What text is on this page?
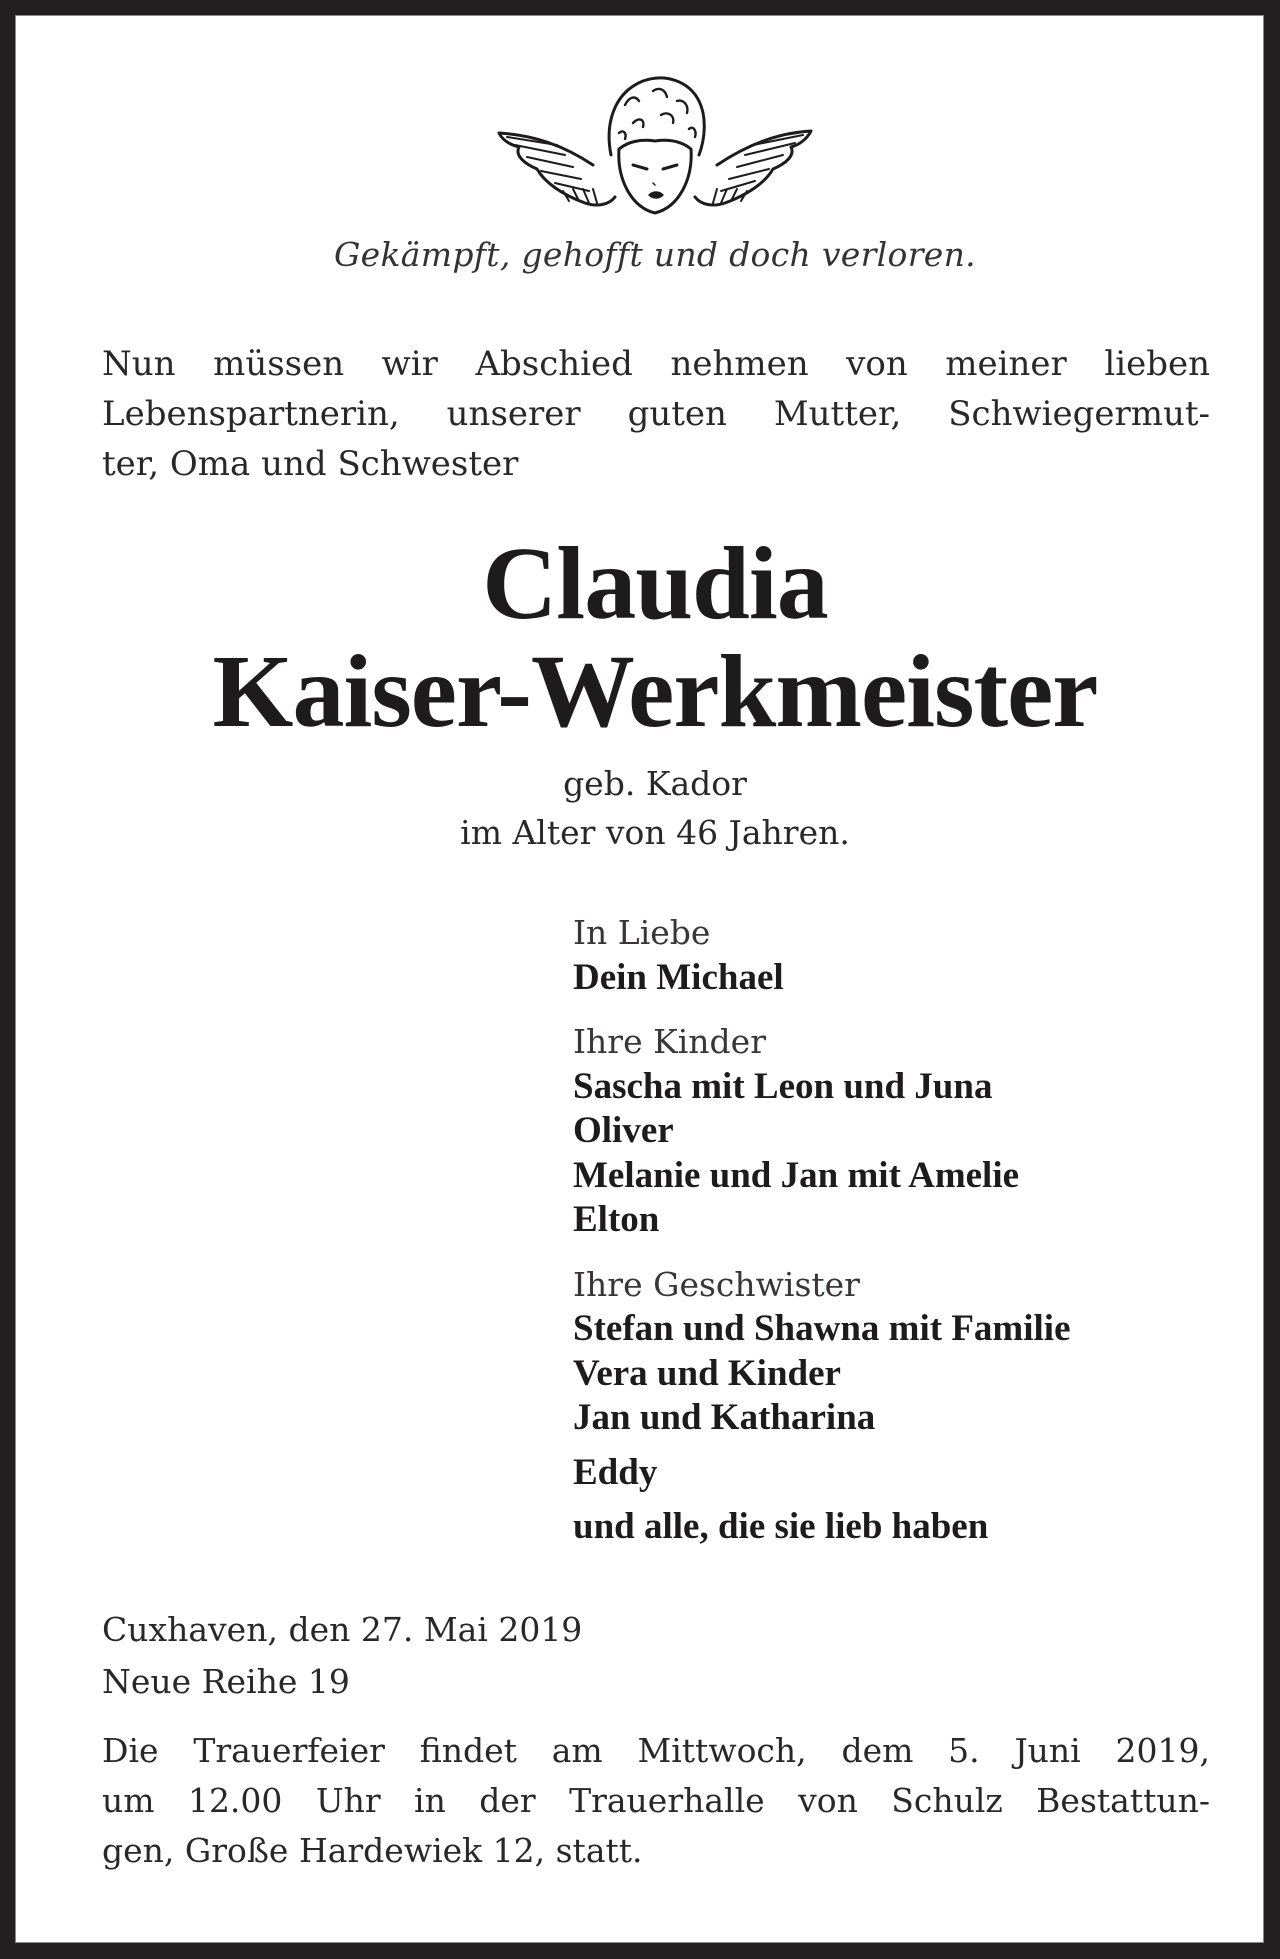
Gekämpft, gehofft und doch verloren.
Nun müssen wir Abschied nehmen von meiner lieben
Lebenspartnerin, unserer guten Mutter, Schwiegermut-
ter, Oma und Schwester
Claudia
Kaiser-Werkmeister
geb. Kador
im Alter von 46 Jahren.
In Liebe
Dein Michael
Ihre Kinder
Sascha mit Leon und Juna
Oliver
Melanie und Jan mit Amelie
Elton
Ihre Geschwister
Stefan und Shawna mit Familie
Vera und Kinder
Jan und Katharina
Eddy
und alle, die sie lieb haben
Cuxhaven, den 27. Mai 2019
Neue Reihe 19
Die Trauerfeier findet am Mittwoch, dem 5. Juni 2019,
um 12.00 Uhr in der Trauerhalle von Schulz Bestattun-
gen, Große Hardewiek 12, statt.
